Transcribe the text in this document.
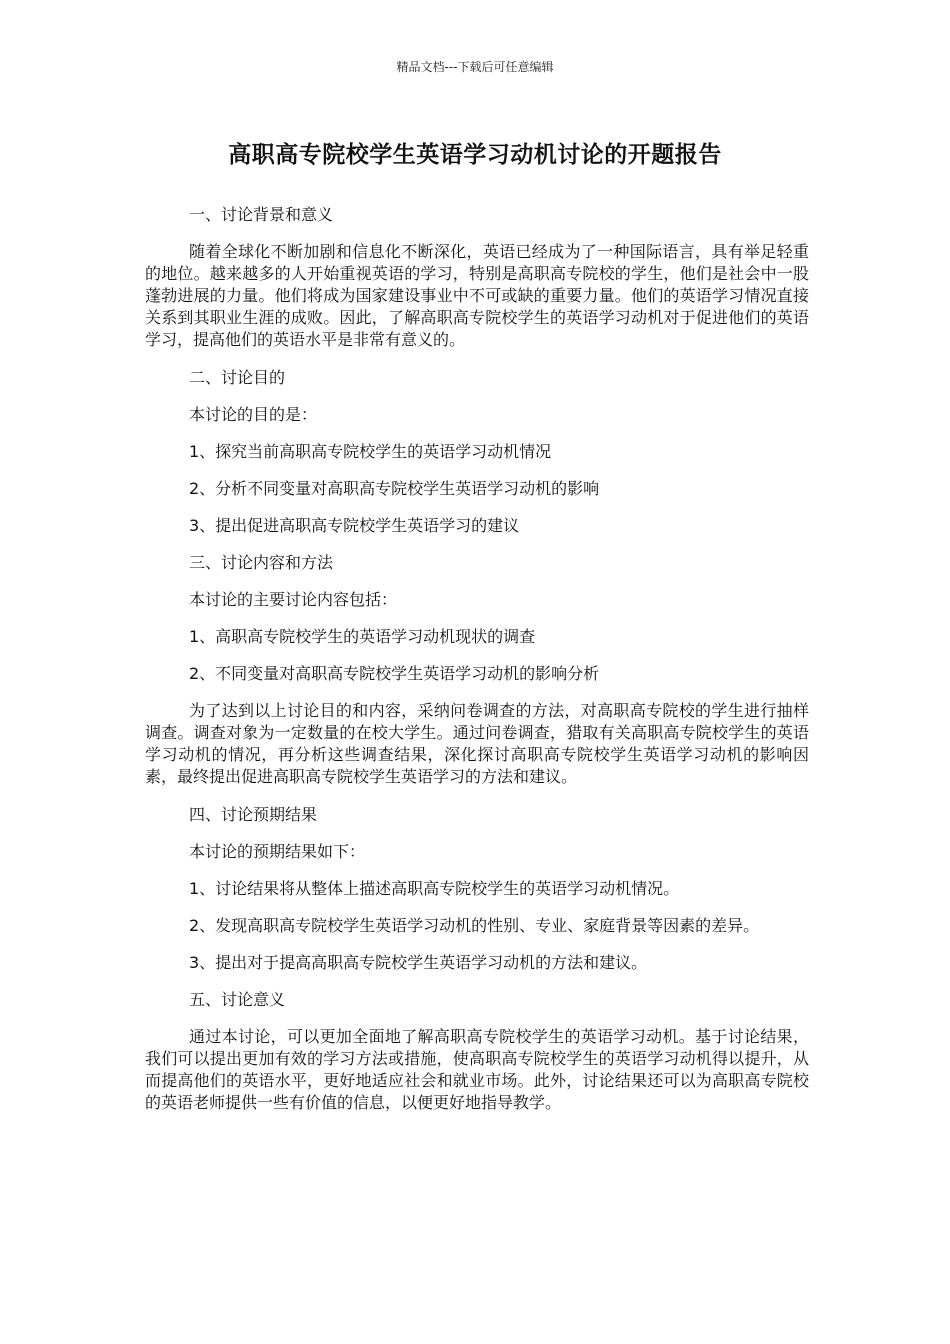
精品文档---下载后可任意编辑
高职高专院校学生英语学习动机讨论的开题报告

一、讨论背景和意义

随着全球化不断加剧和信息化不断深化，英语已经成为了一种国际语言，具有举足轻重的地位。越来越多的人开始重视英语的学习，特别是高职高专院校的学生，他们是社会中一股蓬勃进展的力量。他们将成为国家建设事业中不可或缺的重要力量。他们的英语学习情况直接关系到其职业生涯的成败。因此，了解高职高专院校学生的英语学习动机对于促进他们的英语学习，提高他们的英语水平是非常有意义的。

二、讨论目的

本讨论的目的是：

1、探究当前高职高专院校学生的英语学习动机情况

2、分析不同变量对高职高专院校学生英语学习动机的影响

3、提出促进高职高专院校学生英语学习的建议

三、讨论内容和方法

本讨论的主要讨论内容包括：

1、高职高专院校学生的英语学习动机现状的调查

2、不同变量对高职高专院校学生英语学习动机的影响分析

为了达到以上讨论目的和内容，采纳问卷调查的方法，对高职高专院校的学生进行抽样调查。调查对象为一定数量的在校大学生。通过问卷调查，猎取有关高职高专院校学生的英语学习动机的情况，再分析这些调查结果，深化探讨高职高专院校学生英语学习动机的影响因素，最终提出促进高职高专院校学生英语学习的方法和建议。

四、讨论预期结果

本讨论的预期结果如下：

1、讨论结果将从整体上描述高职高专院校学生的英语学习动机情况。

2、发现高职高专院校学生英语学习动机的性别、专业、家庭背景等因素的差异。

3、提出对于提高高职高专院校学生英语学习动机的方法和建议。

五、讨论意义

通过本讨论，可以更加全面地了解高职高专院校学生的英语学习动机。基于讨论结果，我们可以提出更加有效的学习方法或措施，使高职高专院校学生的英语学习动机得以提升，从而提高他们的英语水平，更好地适应社会和就业市场。此外，讨论结果还可以为高职高专院校的英语老师提供一些有价值的信息，以便更好地指导教学。
